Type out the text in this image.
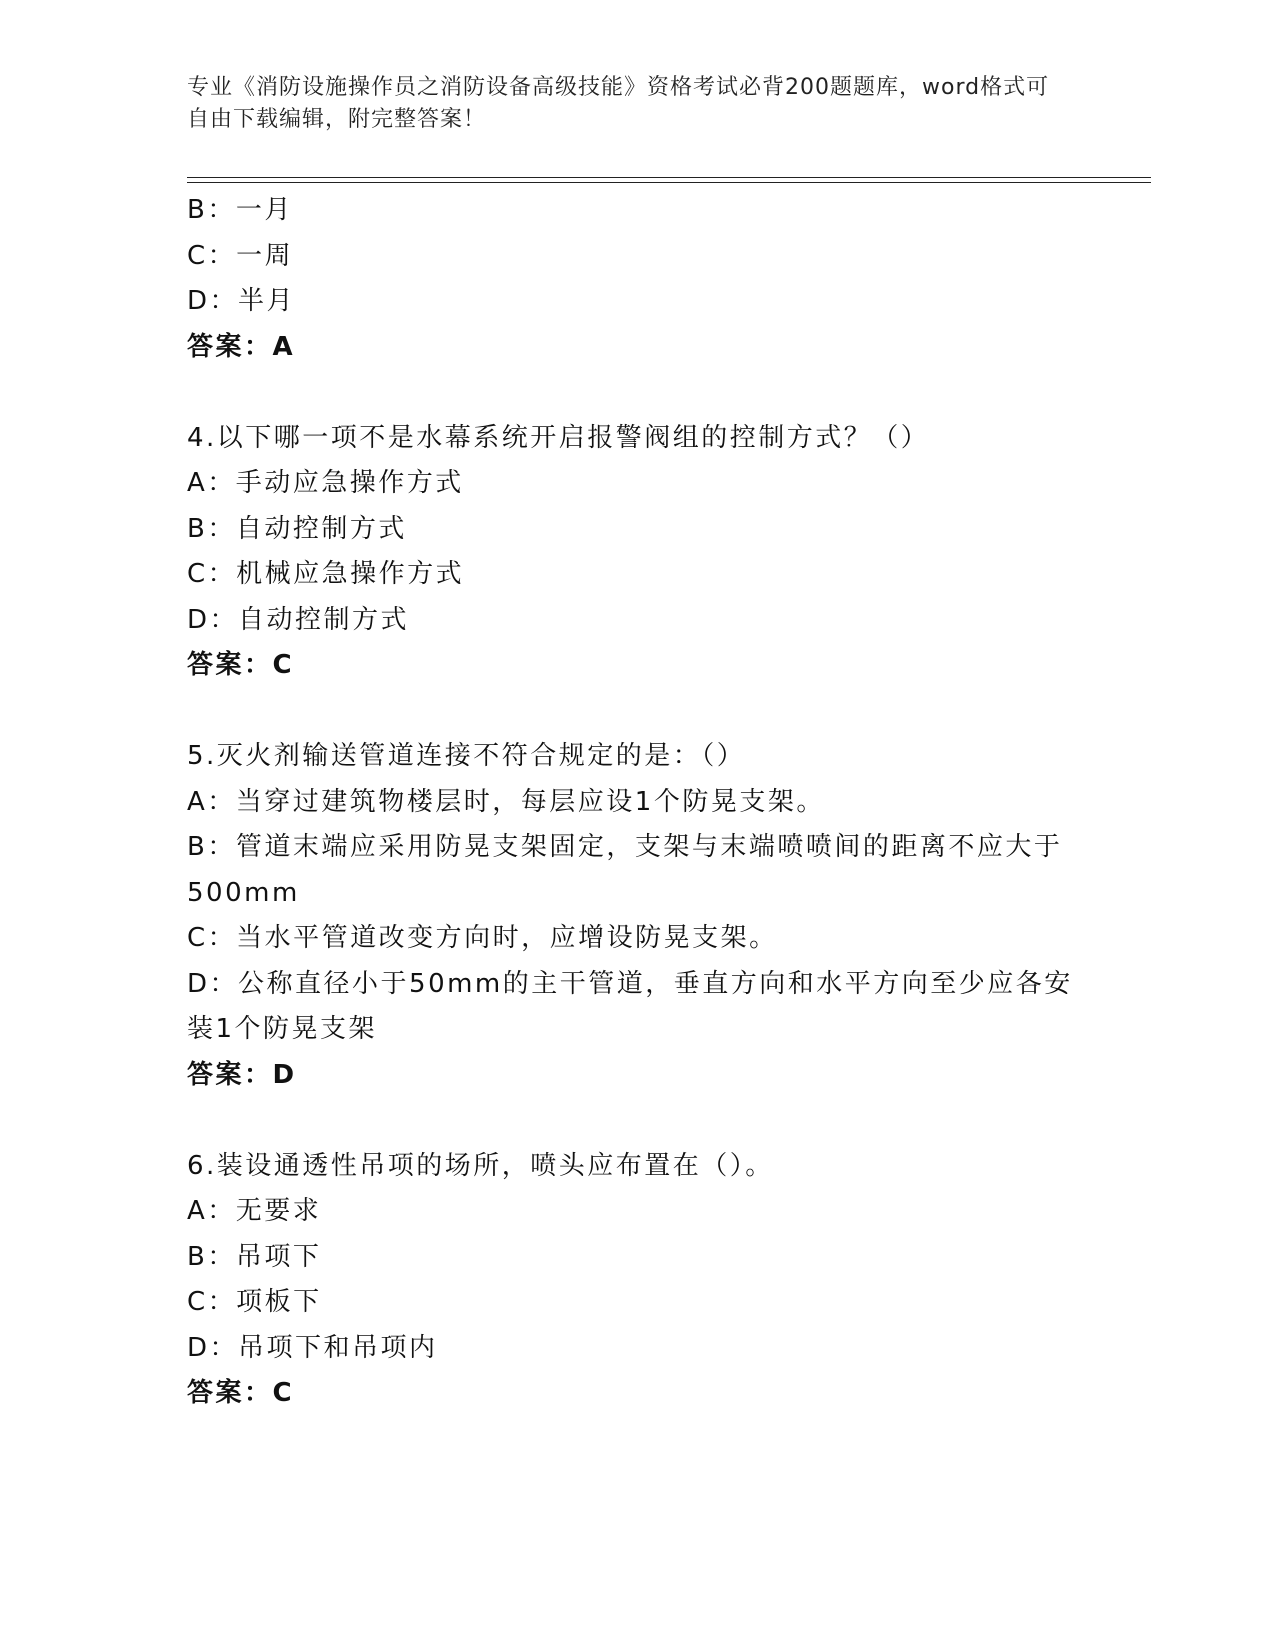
专业《消防设施操作员之消防设备高级技能》资格考试必背200题题库，word格式可自由下载编辑，附完整答案！
B：一月
C：一周
D：半月
答案：A
4.以下哪一项不是水幕系统开启报警阀组的控制方式？（）
A：手动应急操作方式
B：自动控制方式
C：机械应急操作方式
D：自动控制方式
答案：C
5.灭火剂输送管道连接不符合规定的是：（）
A：当穿过建筑物楼层时，每层应设1个防晃支架。
B：管道末端应采用防晃支架固定，支架与末端喷喷间的距离不应大于500mm
C：当水平管道改变方向时，应增设防晃支架。
D：公称直径小于50mm的主干管道，垂直方向和水平方向至少应各安装1个防晃支架
答案：D
6.装设通透性吊项的场所，喷头应布置在（）。
A：无要求
B：吊项下
C：项板下
D：吊项下和吊项内
答案：C
